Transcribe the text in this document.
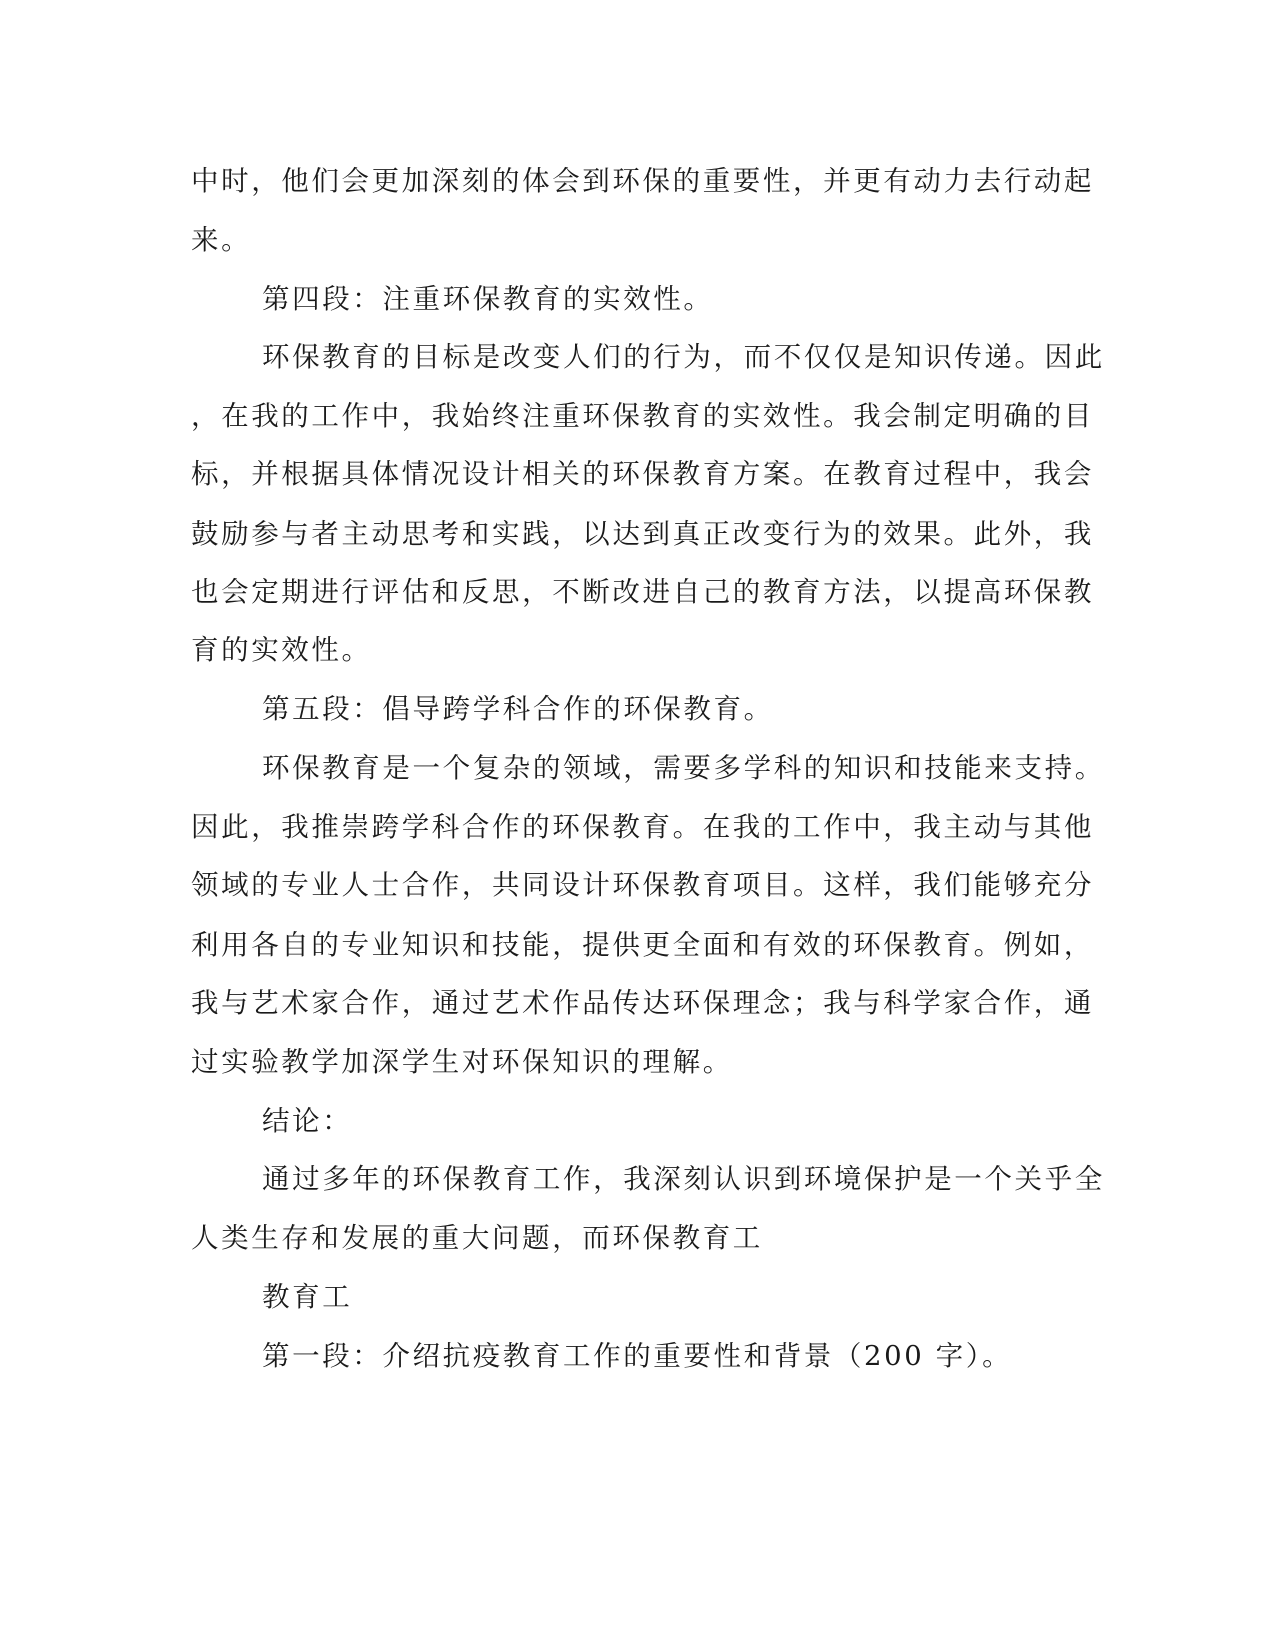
中时，他们会更加深刻的体会到环保的重要性，并更有动力去行动起
来。
第四段：注重环保教育的实效性。
环保教育的目标是改变人们的行为，而不仅仅是知识传递。因此
，在我的工作中，我始终注重环保教育的实效性。我会制定明确的目
标，并根据具体情况设计相关的环保教育方案。在教育过程中，我会
鼓励参与者主动思考和实践，以达到真正改变行为的效果。此外，我
也会定期进行评估和反思，不断改进自己的教育方法，以提高环保教
育的实效性。
第五段：倡导跨学科合作的环保教育。
环保教育是一个复杂的领域，需要多学科的知识和技能来支持。
因此，我推崇跨学科合作的环保教育。在我的工作中，我主动与其他
领域的专业人士合作，共同设计环保教育项目。这样，我们能够充分
利用各自的专业知识和技能，提供更全面和有效的环保教育。例如，
我与艺术家合作，通过艺术作品传达环保理念；我与科学家合作，通
过实验教学加深学生对环保知识的理解。
结论：
通过多年的环保教育工作，我深刻认识到环境保护是一个关乎全
人类生存和发展的重大问题，而环保教育工
教育工
第一段：介绍抗疫教育工作的重要性和背景（200 字）。
